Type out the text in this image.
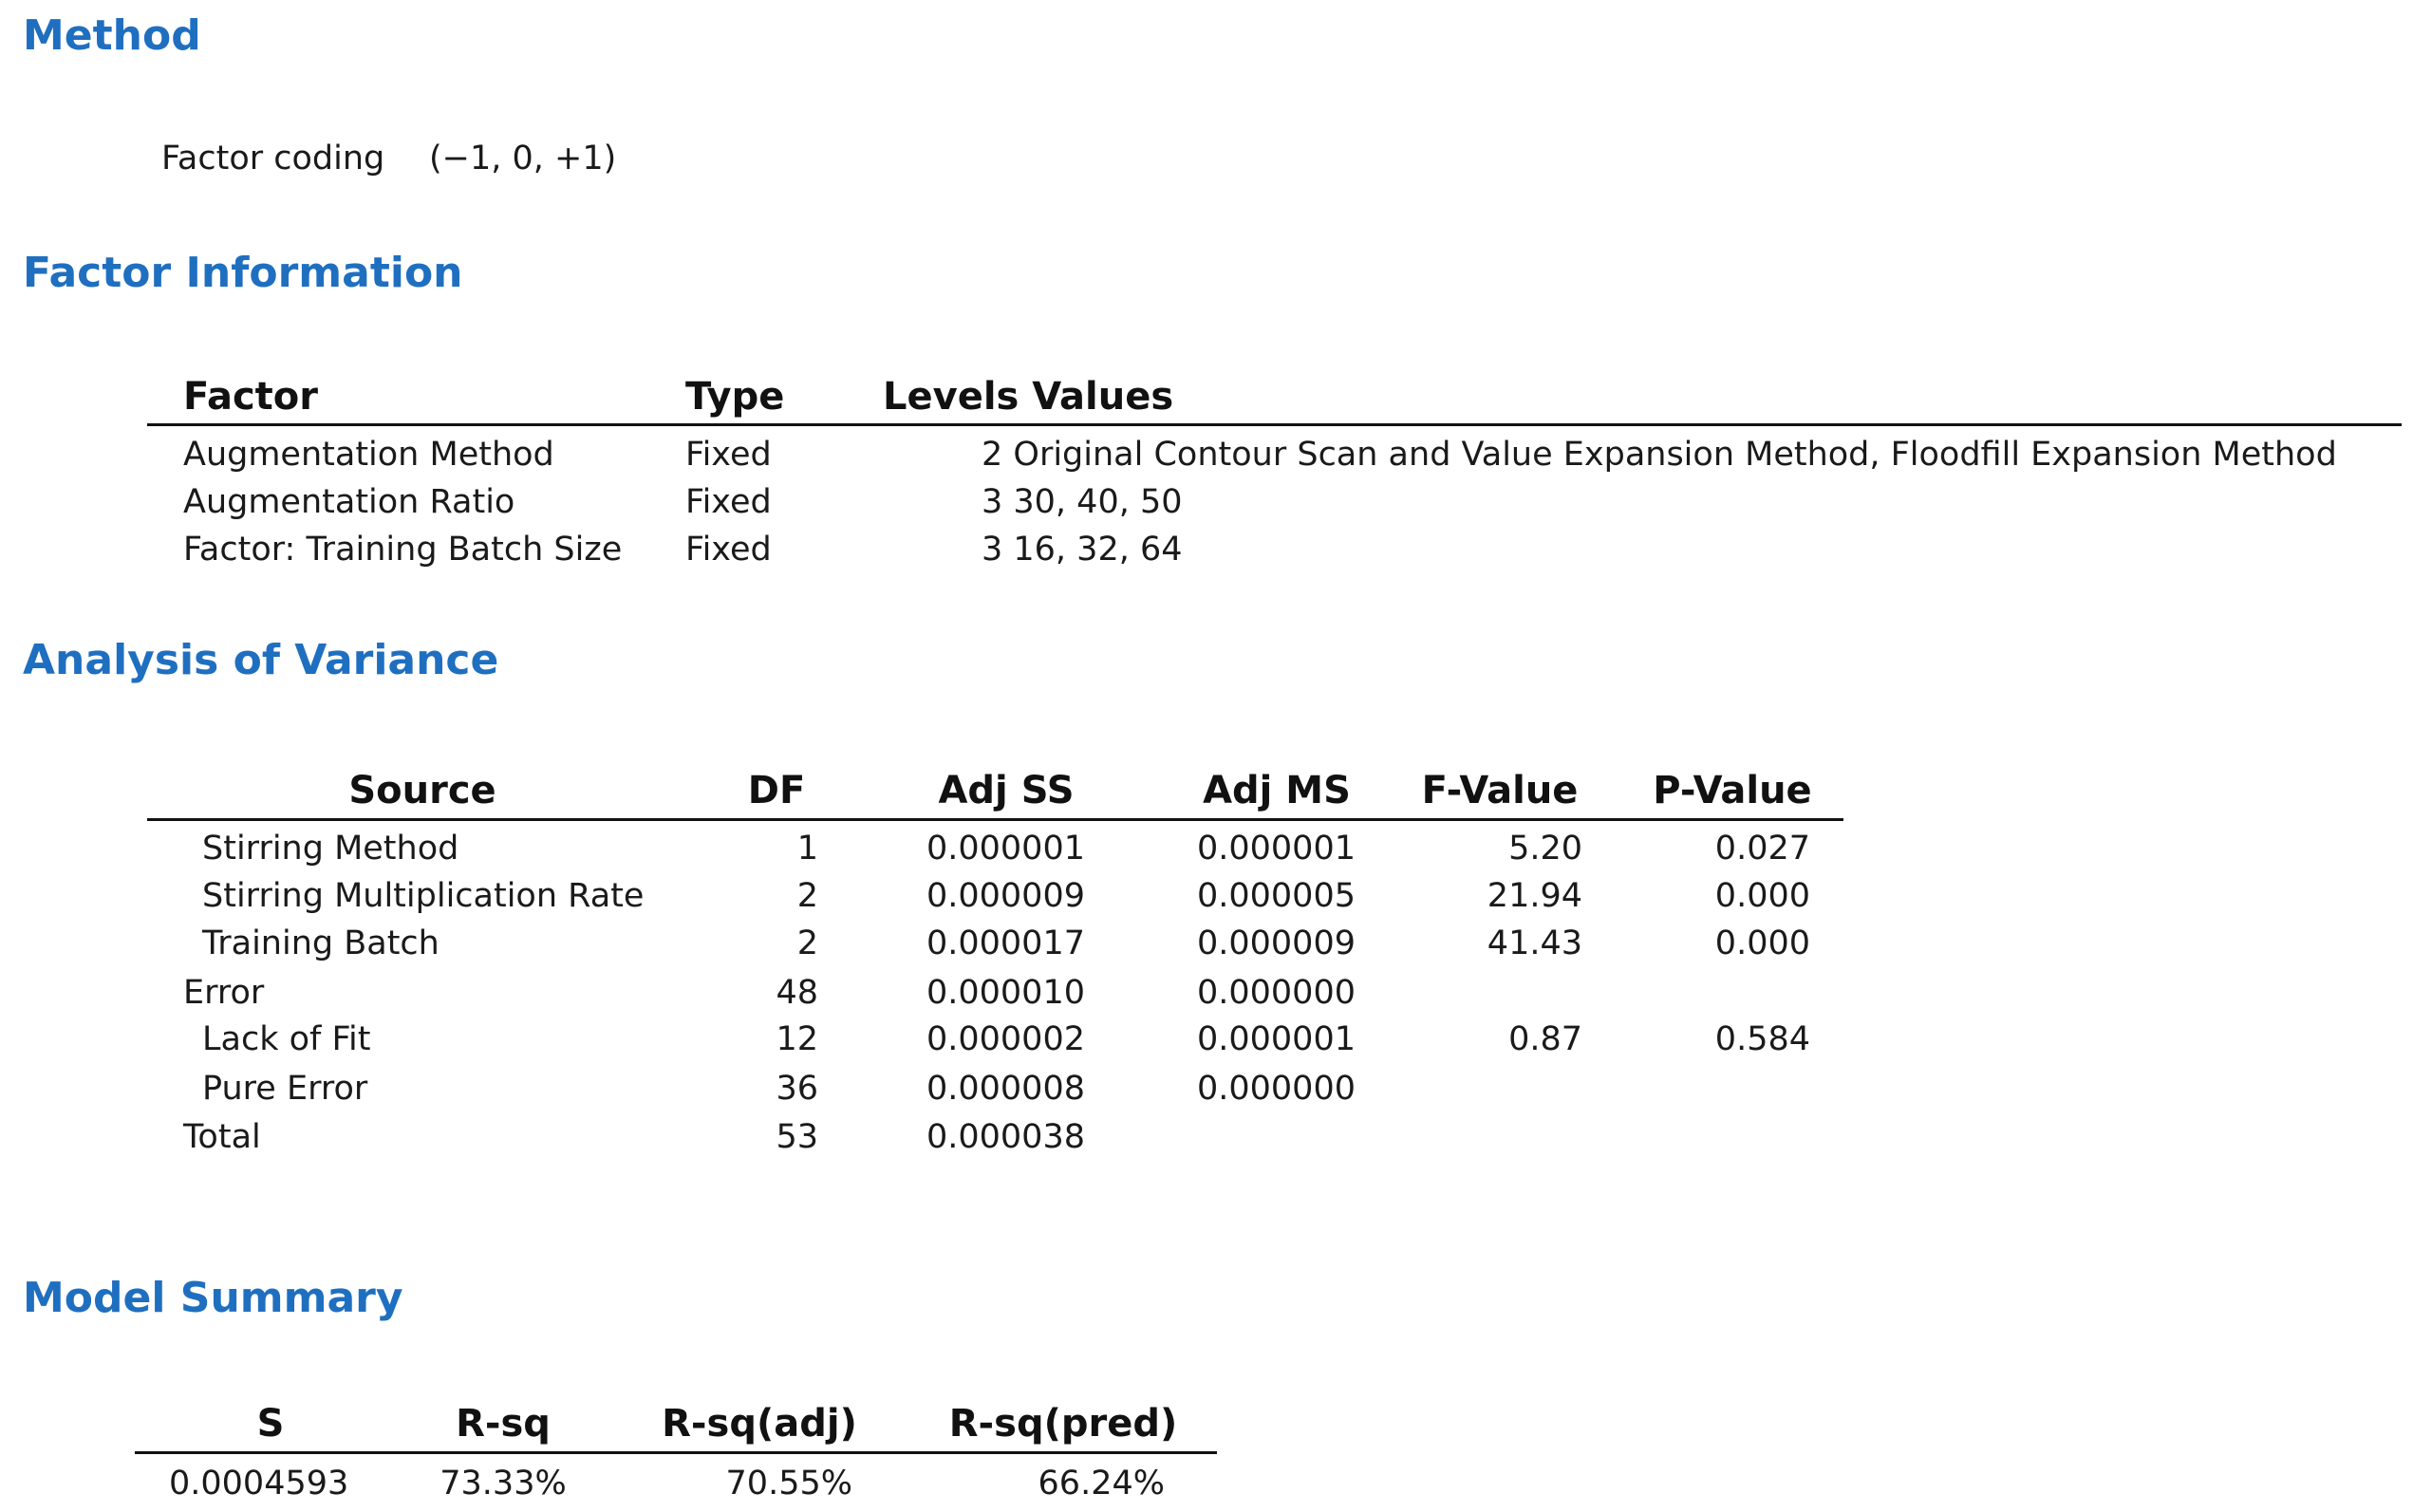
Method
Factor coding (−1, 0, +1)
Factor Information
Factor	Type	Levels Values
Augmentation Method	Fixed	2 Original Contour Scan and Value Expansion Method, Floodfill Expansion Method
Augmentation Ratio	Fixed	3 30, 40, 50
Factor: Training Batch Size Fixed	3 16, 32, 64
Analysis of Variance
Source	DF	Adj SS	Adj MS	F-Value	P-Value
Stirring Method	1	0.000001	0.000001	5.20	0.027
Stirring Multiplication Rate	2	0.000009	0.000005	21.94	0.000
Training Batch	2	0.000017	0.000009	41.43	0.000
Error	48	0.000010	0.000000
Lack of Fit	12	0.000002	0.000001	0.87	0.584
Pure Error	36	0.000008	0.000000
Total	53	0.000038
Model Summary
S	R-sq	R-sq(adj)	R-sq(pred)
0.0004593	73.33%	70.55%	66.24%
